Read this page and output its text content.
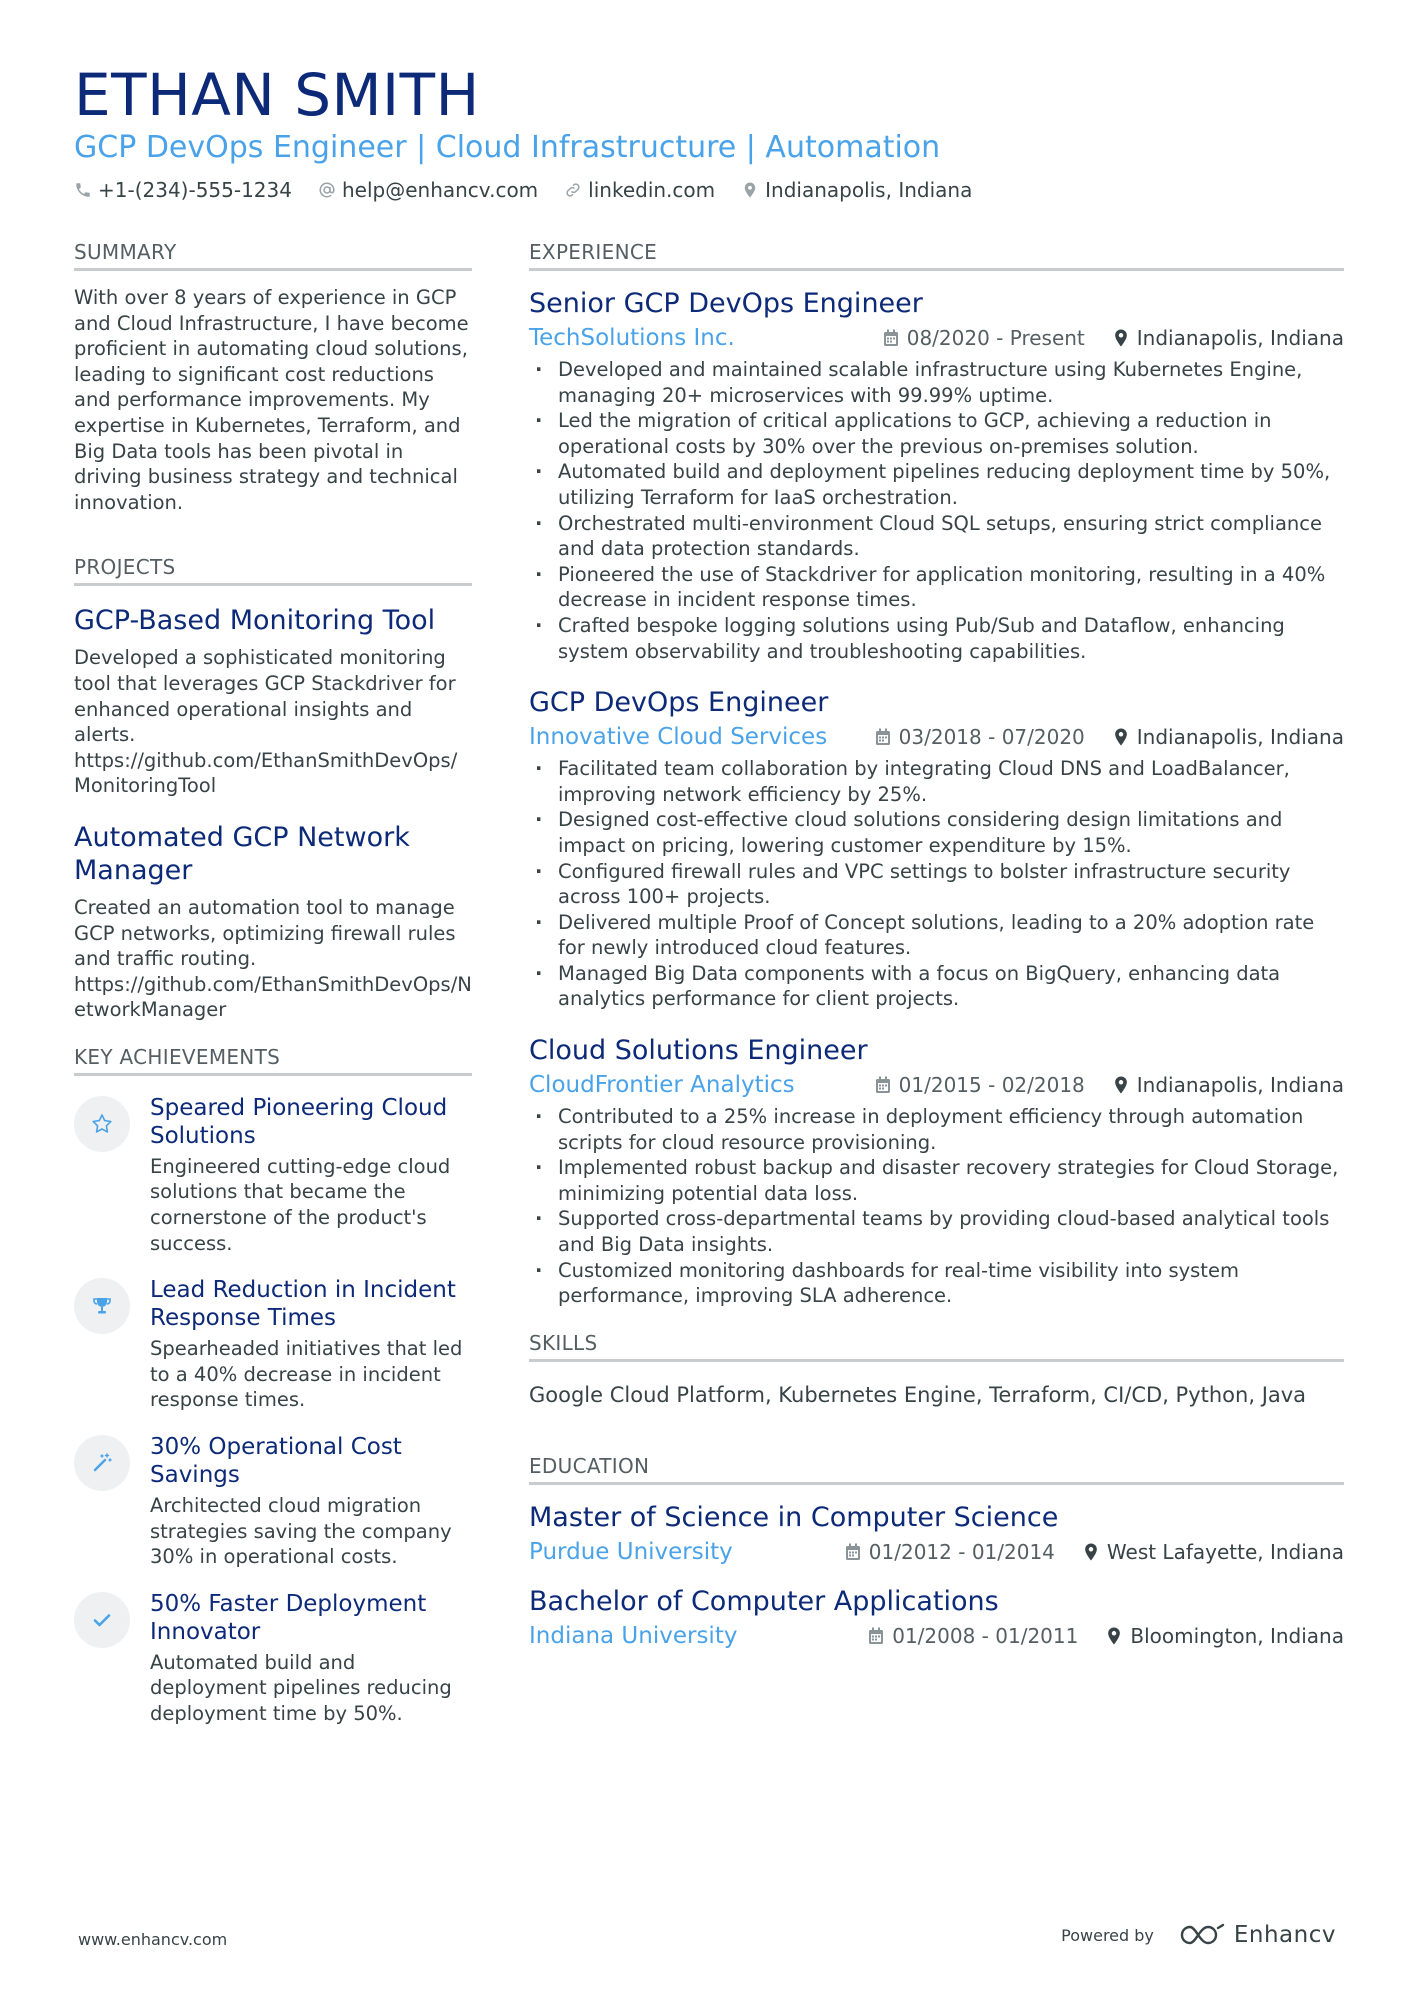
ETHAN SMITH
GCP DevOps Engineer | Cloud Infrastructure | Automation
+1-(234)-555-1234	help@enhancv.com	linkedin.com	Indianapolis, Indiana
SUMMARY
With over 8 years of experience in GCP and Cloud Infrastructure, I have become proficient in automating cloud solutions, leading to significant cost reductions and performance improvements. My expertise in Kubernetes, Terraform, and Big Data tools has been pivotal in driving business strategy and technical innovation.
PROJECTS
GCP-Based Monitoring Tool
Developed a sophisticated monitoring tool that leverages GCP Stackdriver for enhanced operational insights and alerts.
https://github.com/EthanSmithDevOps/MonitoringTool
Automated GCP Network Manager
Created an automation tool to manage GCP networks, optimizing firewall rules and traffic routing.
https://github.com/EthanSmithDevOps/NetworkManager
KEY ACHIEVEMENTS
Speared Pioneering Cloud Solutions
Engineered cutting-edge cloud solutions that became the cornerstone of the product's success.
Lead Reduction in Incident Response Times
Spearheaded initiatives that led to a 40% decrease in incident response times.
30% Operational Cost Savings
Architected cloud migration strategies saving the company 30% in operational costs.
50% Faster Deployment Innovator
Automated build and deployment pipelines reducing deployment time by 50%.
EXPERIENCE
Senior GCP DevOps Engineer
TechSolutions Inc.	08/2020 - Present	Indianapolis, Indiana
· Developed and maintained scalable infrastructure using Kubernetes Engine, managing 20+ microservices with 99.99% uptime.
· Led the migration of critical applications to GCP, achieving a reduction in operational costs by 30% over the previous on-premises solution.
· Automated build and deployment pipelines reducing deployment time by 50%, utilizing Terraform for IaaS orchestration.
· Orchestrated multi-environment Cloud SQL setups, ensuring strict compliance and data protection standards.
· Pioneered the use of Stackdriver for application monitoring, resulting in a 40% decrease in incident response times.
· Crafted bespoke logging solutions using Pub/Sub and Dataflow, enhancing system observability and troubleshooting capabilities.
GCP DevOps Engineer
Innovative Cloud Services	03/2018 - 07/2020	Indianapolis, Indiana
· Facilitated team collaboration by integrating Cloud DNS and LoadBalancer, improving network efficiency by 25%.
· Designed cost-effective cloud solutions considering design limitations and impact on pricing, lowering customer expenditure by 15%.
· Configured firewall rules and VPC settings to bolster infrastructure security across 100+ projects.
· Delivered multiple Proof of Concept solutions, leading to a 20% adoption rate for newly introduced cloud features.
· Managed Big Data components with a focus on BigQuery, enhancing data analytics performance for client projects.
Cloud Solutions Engineer
CloudFrontier Analytics	01/2015 - 02/2018	Indianapolis, Indiana
· Contributed to a 25% increase in deployment efficiency through automation scripts for cloud resource provisioning.
· Implemented robust backup and disaster recovery strategies for Cloud Storage, minimizing potential data loss.
· Supported cross-departmental teams by providing cloud-based analytical tools and Big Data insights.
· Customized monitoring dashboards for real-time visibility into system performance, improving SLA adherence.
SKILLS
Google Cloud Platform, Kubernetes Engine, Terraform, CI/CD, Python, Java
EDUCATION
Master of Science in Computer Science
Purdue University	01/2012 - 01/2014	West Lafayette, Indiana
Bachelor of Computer Applications
Indiana University	01/2008 - 01/2011	Bloomington, Indiana
www.enhancv.com	Powered by	Enhancv
